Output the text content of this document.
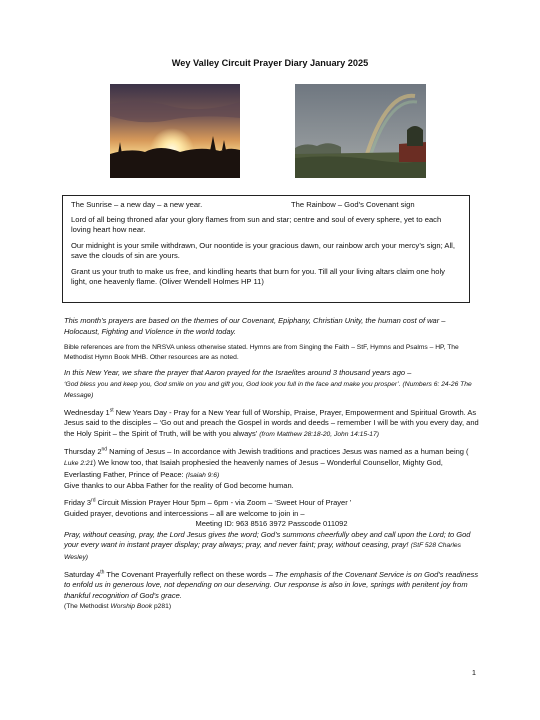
Wey Valley Circuit Prayer Diary January 2025
The Sunrise – a new day – a new year.	The Rainbow – God’s Covenant sign

Lord of all being throned afar your glory flames from sun and star; centre and soul of every sphere, yet to each loving heart how near.

Our midnight is your smile withdrawn, Our noontide is your gracious dawn, our rainbow arch your mercy’s sign; All, save the clouds of sin are yours.

Grant us your truth to make us free, and kindling hearts that burn for you. Till all your living altars claim one holy light, one heavenly flame. (Oliver Wendell Holmes HP 11)

This month’s prayers are based on the themes of our Covenant, Epiphany, Christian Unity, the human cost of war – Holocaust, Fighting and Violence in the world today.

Bible references are from the NRSVA unless otherwise stated. Hymns are from Singing the Faith – StF, Hymns and Psalms – HP, The Methodist Hymn Book MHB. Other resources are as noted.

In this New Year, we share the prayer that Aaron prayed for the Israelites around 3 thousand years ago –
‘God bless you and keep you, God smile on you and gift you, God look you full in the face and make you prosper’. (Numbers 6: 24-26 The Message)

Wednesday 1st New Years Day - Pray for a New Year full of Worship, Praise, Prayer, Empowerment and Spiritual Growth. As Jesus said to the disciples – ‘Go out and preach the Gospel in words and deeds – remember I will be with you every day, and the Holy Spirit – the Spirit of Truth, will be with you always’ (from Matthew 28:18-20, John 14:15-17)

Thursday 2nd Naming of Jesus – In accordance with Jewish traditions and practices Jesus was named as a human being ( Luke 2:21) We know too, that Isaiah prophesied the heavenly names of Jesus – Wonderful Counsellor, Mighty God, Everlasting Father, Prince of Peace: (Isaiah 9:6)
Give thanks to our Abba Father for the reality of God become human.

Friday 3rd Circuit Mission Prayer Hour 5pm – 6pm - via Zoom – ‘Sweet Hour of Prayer ’
Guided prayer, devotions and intercessions – all are welcome to join in –

Meeting ID: 963 8516 3972 Passcode 011092
Pray, without ceasing, pray, the Lord Jesus gives the word; God’s summons cheerfully obey and call upon the Lord; to God your every want in instant prayer display; pray always; pray, and never faint; pray, without ceasing, pray! (StF 528 Charles Wesley)

Saturday 4th The Covenant Prayerfully reflect on these words – The emphasis of the Covenant Service is on God’s readiness to enfold us in generous love, not depending on our deserving. Our response is also in love, springs with penitent joy from thankful recognition of God’s grace.
(The Methodist Worship Book p281)

1
